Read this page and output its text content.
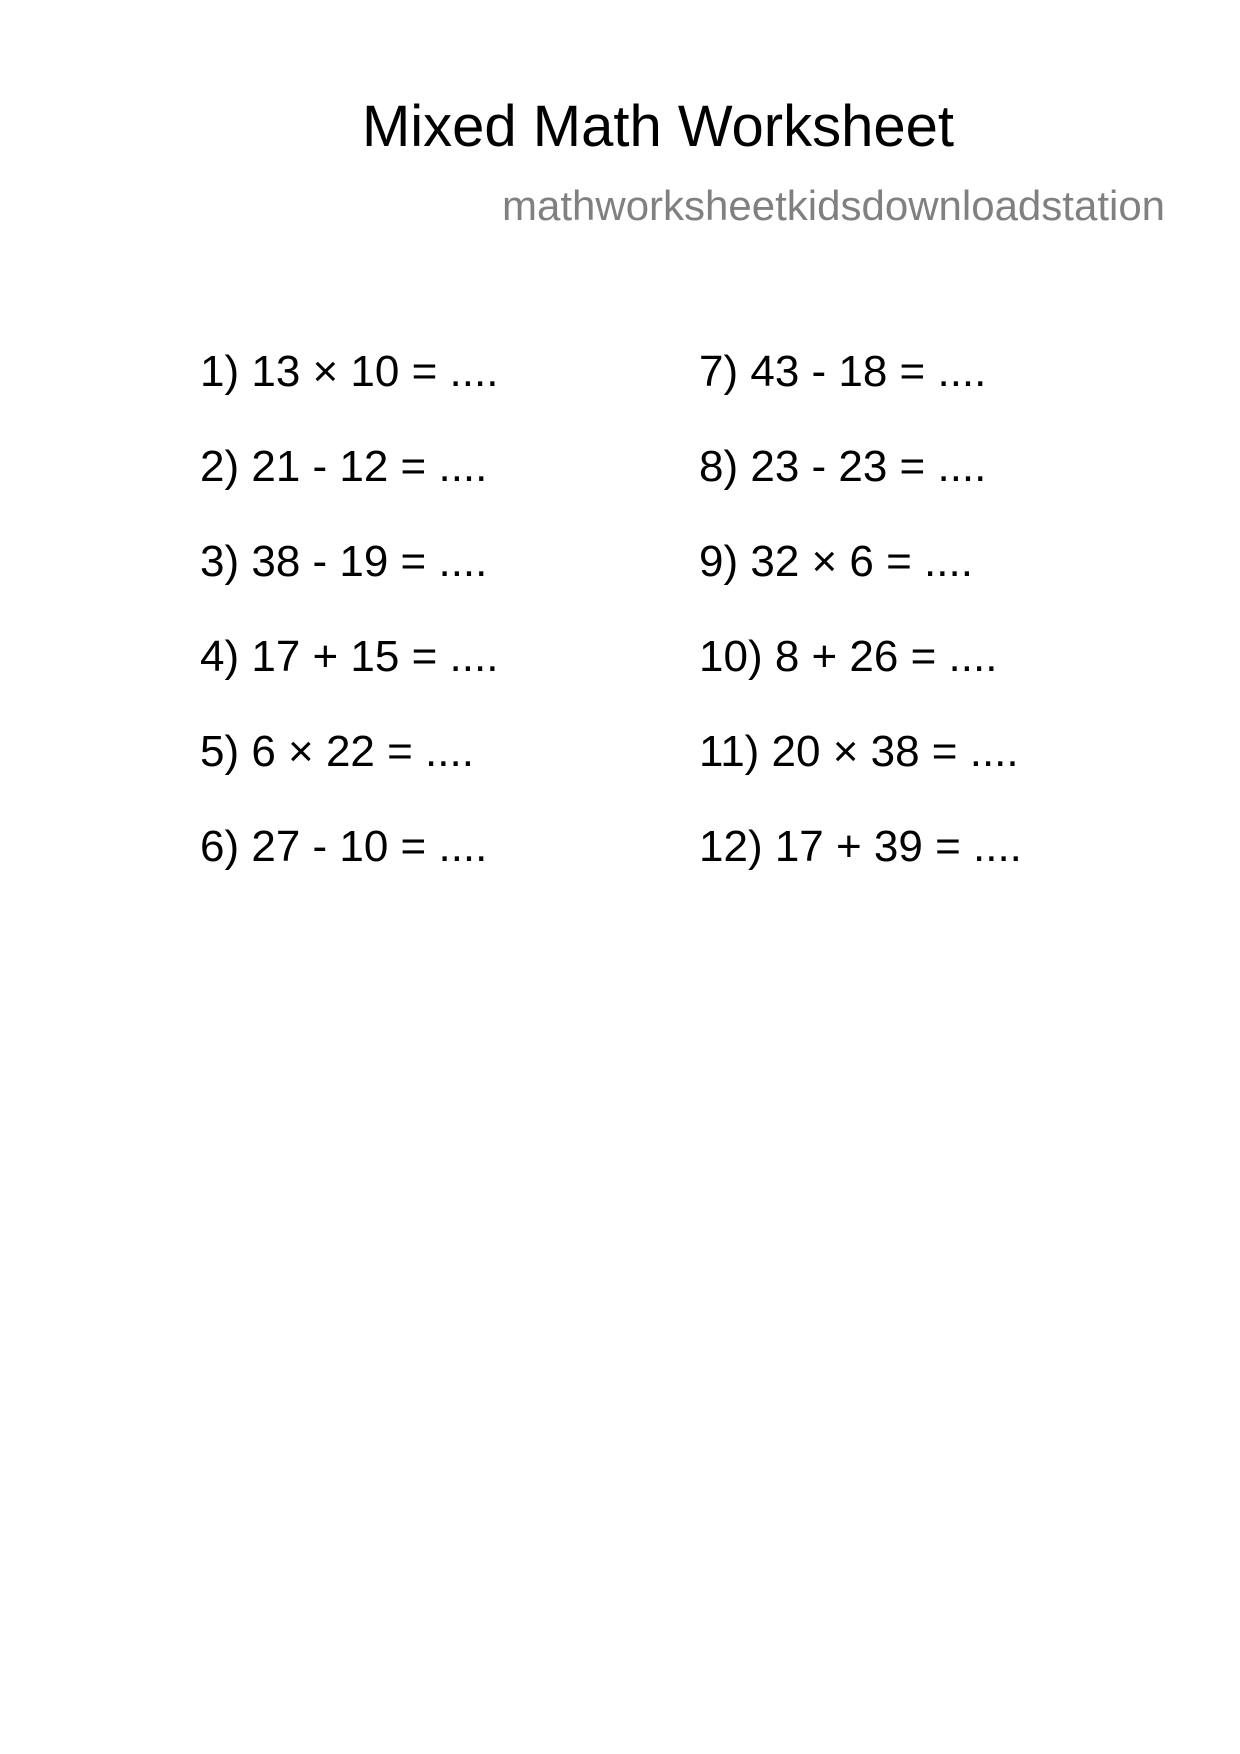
Mixed Math Worksheet
mathworksheetkidsdownloadstation
1) 13 × 10 = ....
2) 21 - 12 = ....
3) 38 - 19 = ....
4) 17 + 15 = ....
5) 6 × 22 = ....
6) 27 - 10 = ....
7) 43 - 18 = ....
8) 23 - 23 = ....
9) 32 × 6 = ....
10) 8 + 26 = ....
11) 20 × 38 = ....
12) 17 + 39 = ....
